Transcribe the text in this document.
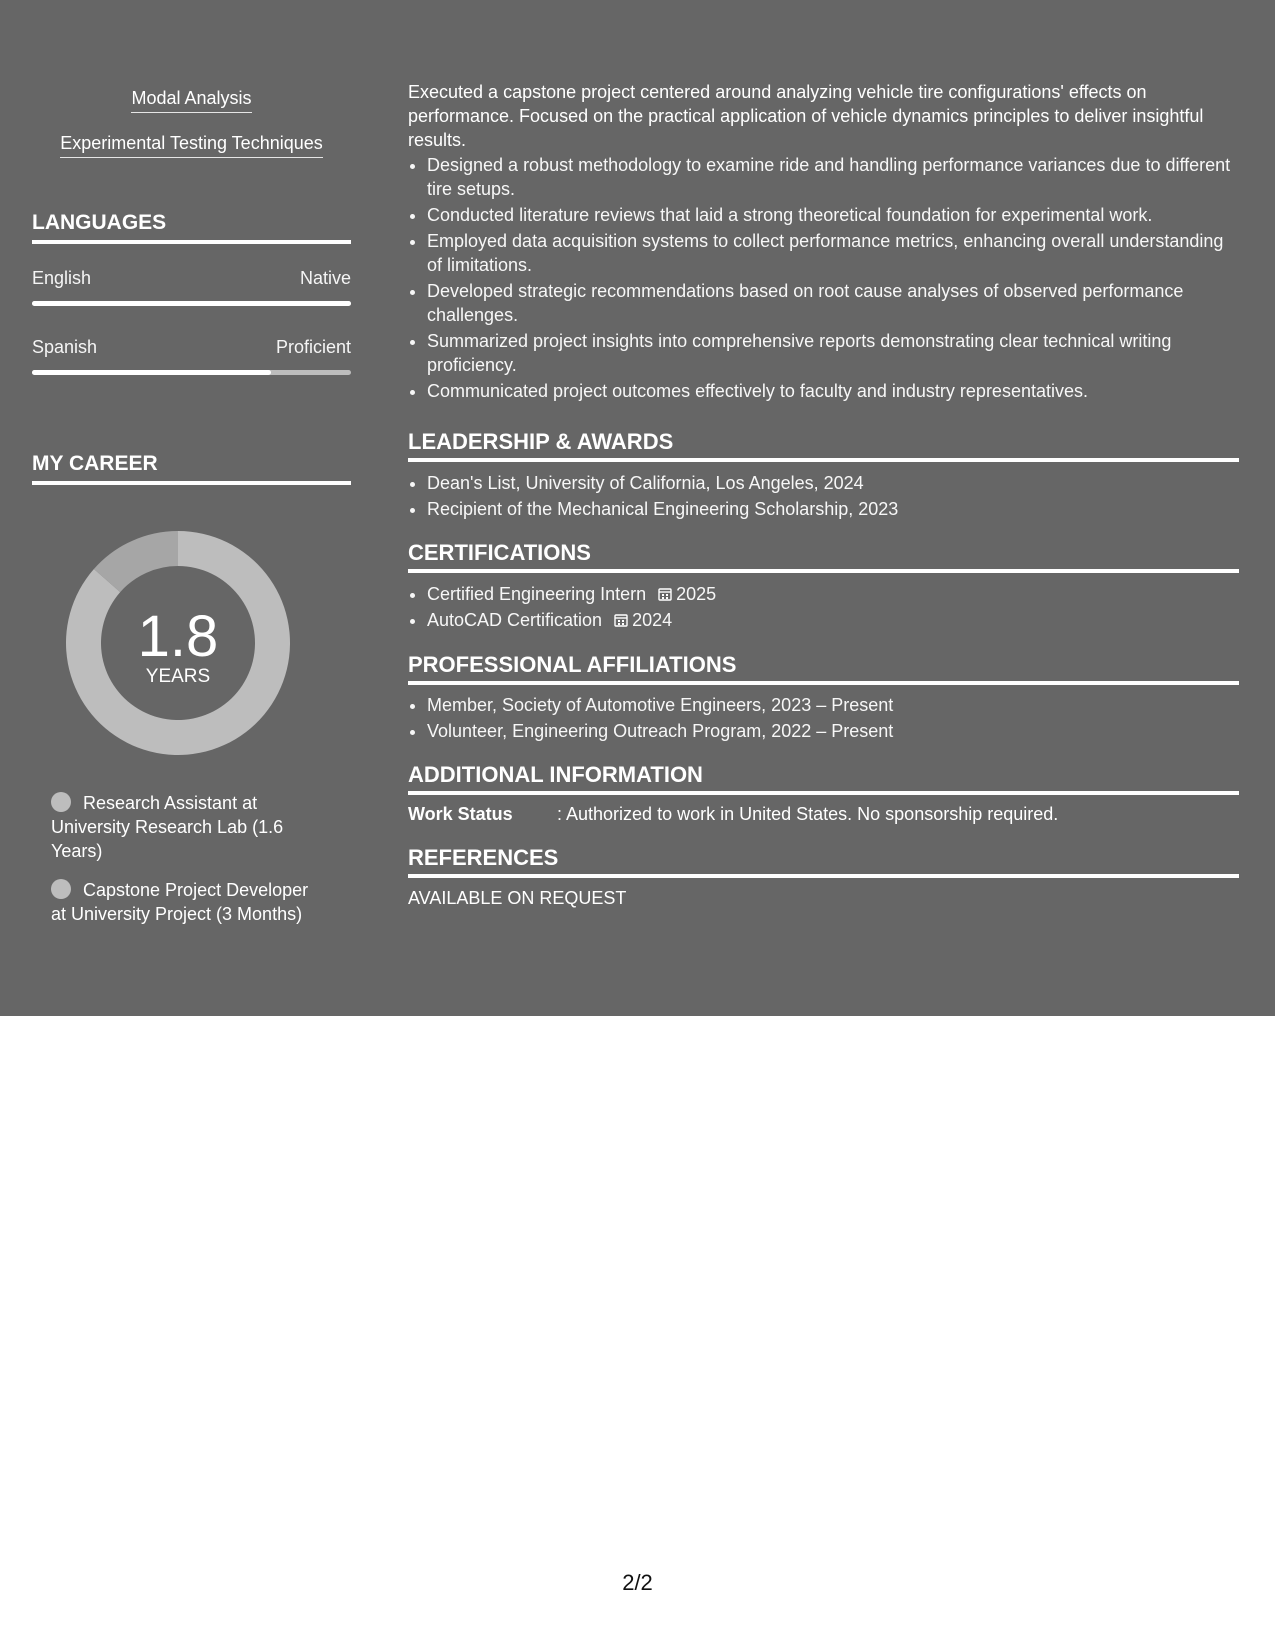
Modal Analysis
Experimental Testing Techniques
LANGUAGES
English	Native
Spanish	Proficient
MY CAREER
1.8
YEARS
Research Assistant at University Research Lab (1.6 Years)
Capstone Project Developer at University Project (3 Months)
Executed a capstone project centered around analyzing vehicle tire configurations' effects on performance. Focused on the practical application of vehicle dynamics principles to deliver insightful results.
• Designed a robust methodology to examine ride and handling performance variances due to different tire setups.
• Conducted literature reviews that laid a strong theoretical foundation for experimental work.
• Employed data acquisition systems to collect performance metrics, enhancing overall understanding of limitations.
• Developed strategic recommendations based on root cause analyses of observed performance challenges.
• Summarized project insights into comprehensive reports demonstrating clear technical writing proficiency.
• Communicated project outcomes effectively to faculty and industry representatives.
LEADERSHIP & AWARDS
• Dean's List, University of California, Los Angeles, 2024
• Recipient of the Mechanical Engineering Scholarship, 2023
CERTIFICATIONS
• Certified Engineering Intern 2025
• AutoCAD Certification 2024
PROFESSIONAL AFFILIATIONS
• Member, Society of Automotive Engineers, 2023 – Present
• Volunteer, Engineering Outreach Program, 2022 – Present
ADDITIONAL INFORMATION
Work Status : Authorized to work in United States. No sponsorship required.
REFERENCES
AVAILABLE ON REQUEST
2/2
